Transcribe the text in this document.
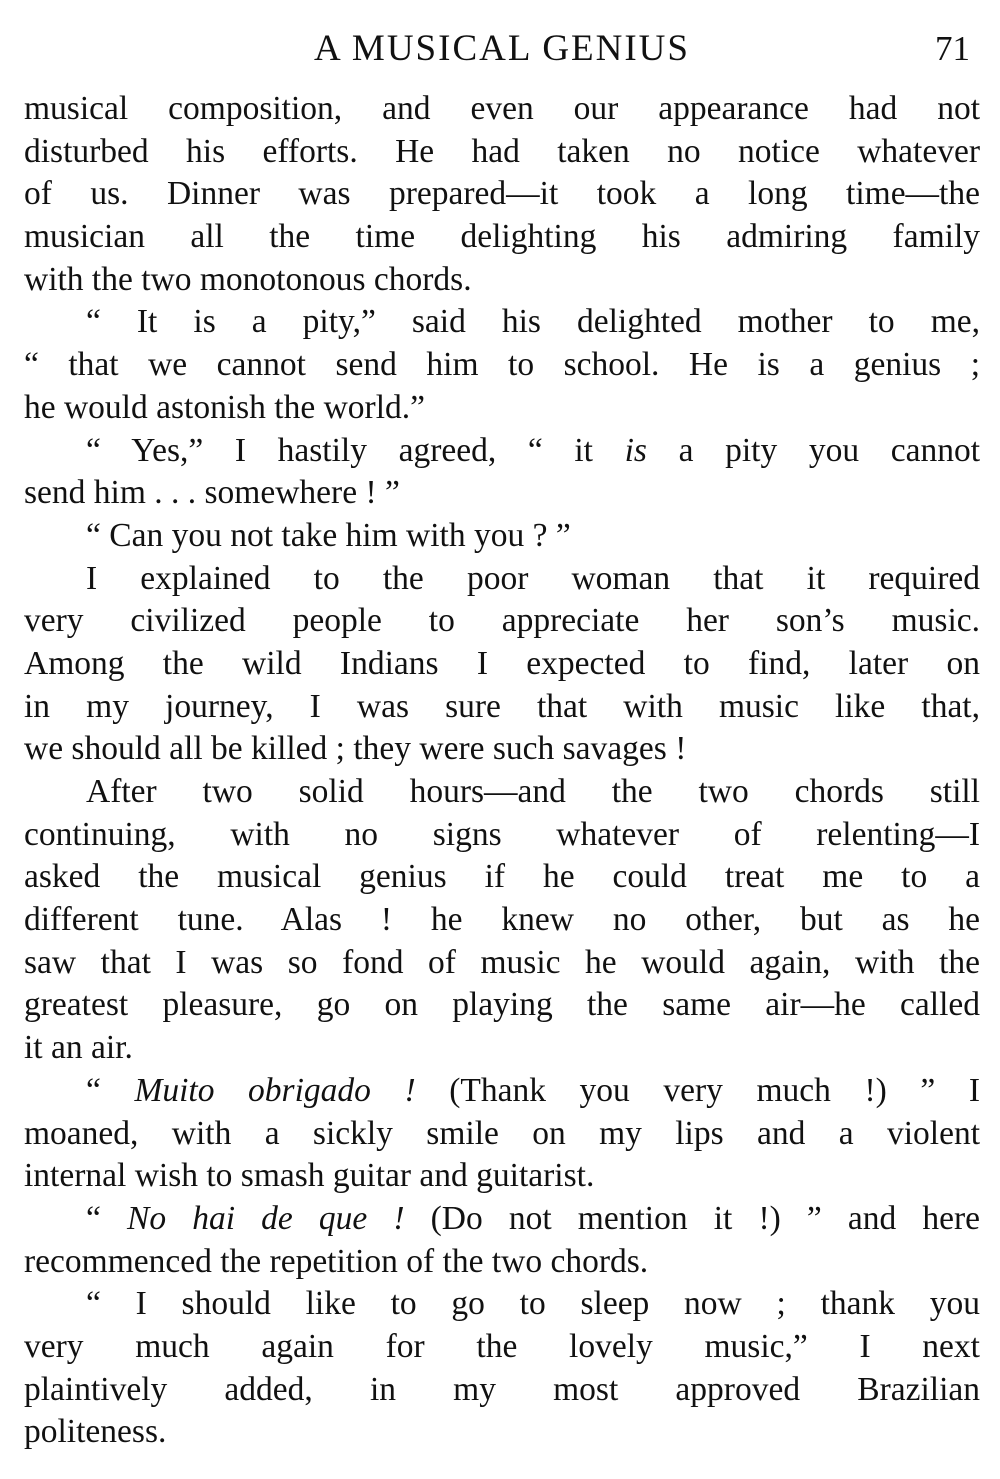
A MUSICAL GENIUS	71
musical composition, and even our appearance had not
disturbed his efforts. He had taken no notice whatever
of us. Dinner was prepared—it took a long time—the
musician all the time delighting his admiring family
with the two monotonous chords.
“ It is a pity,” said his delighted mother to me,
“ that we cannot send him to school. He is a genius ;
he would astonish the world.”
“ Yes,” I hastily agreed, “ it is a pity you cannot
send him . . . somewhere ! ”
“ Can you not take him with you ? ”
I explained to the poor woman that it required
very civilized people to appreciate her son’s music.
Among the wild Indians I expected to find, later on
in my journey, I was sure that with music like that,
we should all be killed ; they were such savages !
After two solid hours—and the two chords still
continuing, with no signs whatever of relenting—I
asked the musical genius if he could treat me to a
different tune. Alas ! he knew no other, but as he
saw that I was so fond of music he would again, with the
greatest pleasure, go on playing the same air—he called
it an air.
“ Muito obrigado ! (Thank you very much !) ” I
moaned, with a sickly smile on my lips and a violent
internal wish to smash guitar and guitarist.
“ No hai de que ! (Do not mention it !) ” and here
recommenced the repetition of the two chords.
“ I should like to go to sleep now ; thank you
very much again for the lovely music,” I next
plaintively added, in my most approved Brazilian
politeness.
